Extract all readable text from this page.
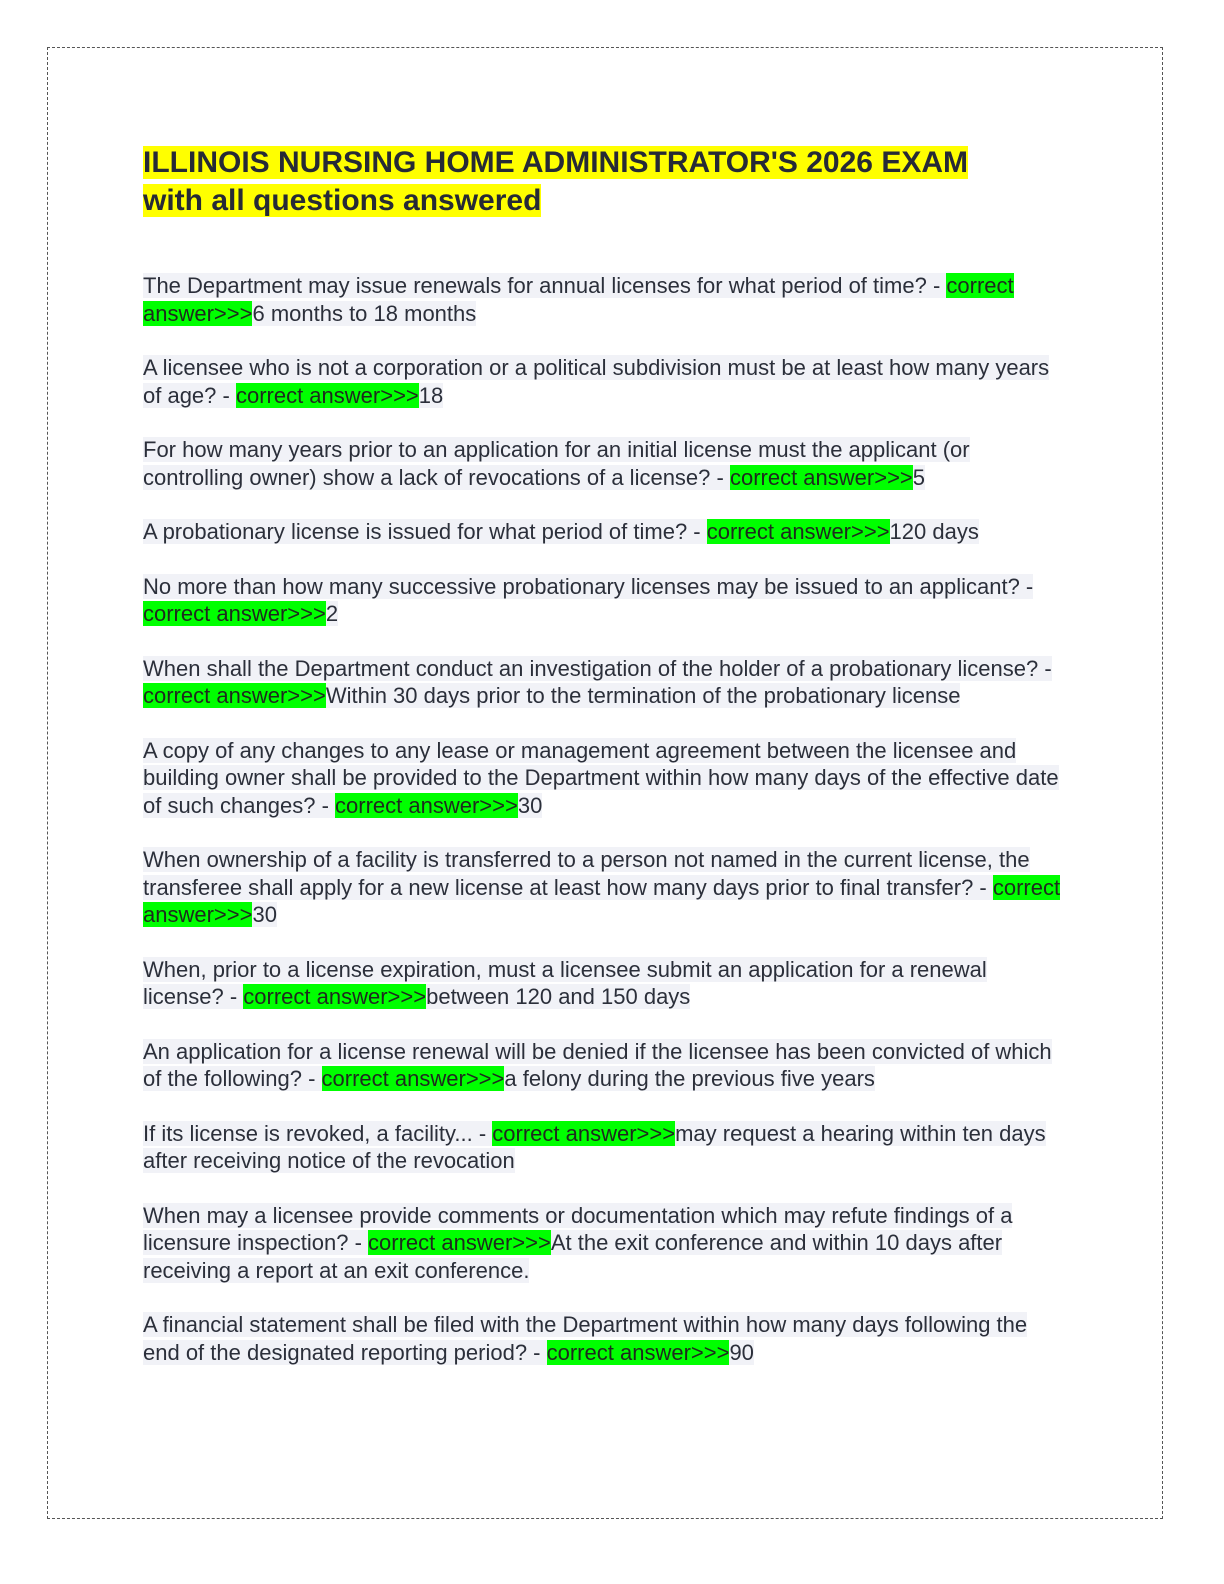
ILLINOIS NURSING HOME ADMINISTRATOR'S 2026 EXAM
with all questions answered

The Department may issue renewals for annual licenses for what period of time? - correct answer>>>6 months to 18 months

A licensee who is not a corporation or a political subdivision must be at least how many years of age? - correct answer>>>18

For how many years prior to an application for an initial license must the applicant (or controlling owner) show a lack of revocations of a license? - correct answer>>>5

A probationary license is issued for what period of time? - correct answer>>>120 days

No more than how many successive probationary licenses may be issued to an applicant? - correct answer>>>2

When shall the Department conduct an investigation of the holder of a probationary license? - correct answer>>>Within 30 days prior to the termination of the probationary license

A copy of any changes to any lease or management agreement between the licensee and building owner shall be provided to the Department within how many days of the effective date of such changes? - correct answer>>>30

When ownership of a facility is transferred to a person not named in the current license, the transferee shall apply for a new license at least how many days prior to final transfer? - correct answer>>>30

When, prior to a license expiration, must a licensee submit an application for a renewal license? - correct answer>>>between 120 and 150 days

An application for a license renewal will be denied if the licensee has been convicted of which of the following? - correct answer>>>a felony during the previous five years

If its license is revoked, a facility... - correct answer>>>may request a hearing within ten days after receiving notice of the revocation

When may a licensee provide comments or documentation which may refute findings of a licensure inspection? - correct answer>>>At the exit conference and within 10 days after receiving a report at an exit conference.

A financial statement shall be filed with the Department within how many days following the end of the designated reporting period? - correct answer>>>90
